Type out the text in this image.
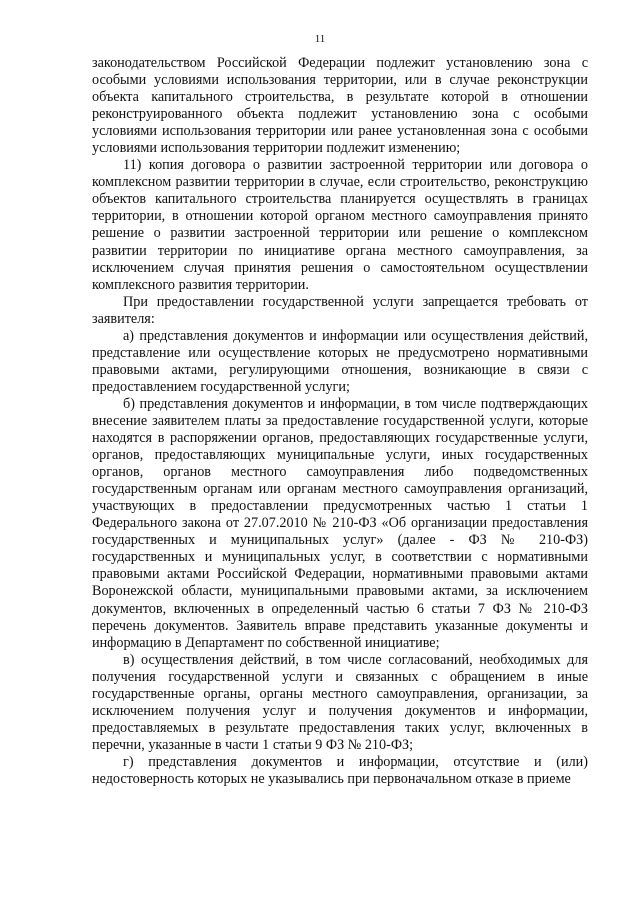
11

законодательством Российской Федерации подлежит установлению зона с особыми условиями использования территории, или в случае реконструкции объекта капитального строительства, в результате которой в отношении реконструированного объекта подлежит установлению зона с особыми условиями использования территории или ранее установленная зона с особыми условиями использования территории подлежит изменению;

11) копия договора о развитии застроенной территории или договора о комплексном развитии территории в случае, если строительство, реконструкцию объектов капитального строительства планируется осуществлять в границах территории, в отношении которой органом местного самоуправления принято решение о развитии застроенной территории или решение о комплексном развитии территории по инициативе органа местного самоуправления, за исключением случая принятия решения о самостоятельном осуществлении комплексного развития территории.

При предоставлении государственной услуги запрещается требовать от заявителя:

а) представления документов и информации или осуществления действий, представление или осуществление которых не предусмотрено нормативными правовыми актами, регулирующими отношения, возникающие в связи с предоставлением государственной услуги;

б) представления документов и информации, в том числе подтверждающих внесение заявителем платы за предоставление государственной услуги, которые находятся в распоряжении органов, предоставляющих государственные услуги, органов, предоставляющих муниципальные услуги, иных государственных органов, органов местного самоуправления либо подведомственных государственным органам или органам местного самоуправления организаций, участвующих в предоставлении предусмотренных частью 1 статьи 1 Федерального закона от 27.07.2010 № 210-ФЗ «Об организации предоставления государственных и муниципальных услуг» (далее - ФЗ № 210-ФЗ) государственных и муниципальных услуг, в соответствии с нормативными правовыми актами Российской Федерации, нормативными правовыми актами Воронежской области, муниципальными правовыми актами, за исключением документов, включенных в определенный частью 6 статьи 7 ФЗ № 210-ФЗ перечень документов. Заявитель вправе представить указанные документы и информацию в Департамент по собственной инициативе;

в) осуществления действий, в том числе согласований, необходимых для получения государственной услуги и связанных с обращением в иные государственные органы, органы местного самоуправления, организации, за исключением получения услуг и получения документов и информации, предоставляемых в результате предоставления таких услуг, включенных в перечни, указанные в части 1 статьи 9 ФЗ № 210-ФЗ;

г) представления документов и информации, отсутствие и (или) недостоверность которых не указывались при первоначальном отказе в приеме
